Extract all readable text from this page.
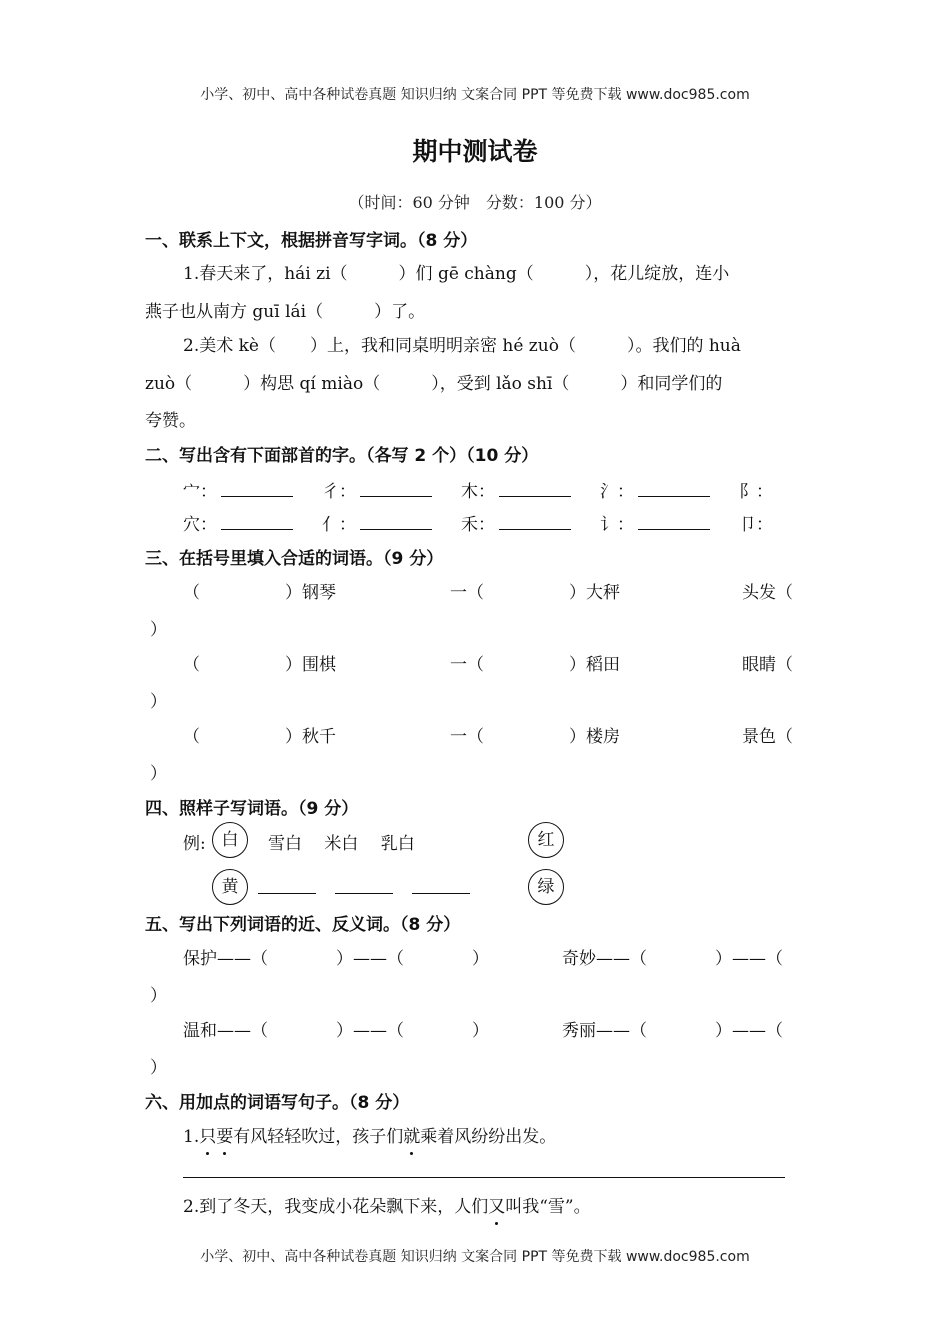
小学、初中、高中各种试卷真题 知识归纳 文案合同 PPT 等免费下载 www.doc985.com
期中测试卷
（时间：60 分钟　分数：100 分）
一、联系上下文，根据拼音写字词。（8 分）
1.春天来了，hái zi（　　　）们 gē chàng（　　　），花儿绽放，连小
燕子也从南方 guī lái（　　　）了。
2.美术 kè（　　）上，我和同桌明明亲密 hé zuò（　　　）。我们的 huà
zuò（　　　）构思 qí miào（　　　），受到 lǎo shī（　　　）和同学们的
夸赞。
二、写出含有下面部首的字。（各写 2 个）（10 分）
宀：	彳：	木：	氵：	阝：
穴：	亻：	禾：	讠：	卩：
三、在括号里填入合适的词语。（9 分）
（　　　　　）钢琴	一（　　　　　）大秤	头发（
）
（　　　　　）围棋	一（　　　　　）稻田	眼睛（
）
（　　　　　）秋千	一（　　　　　）楼房	景色（
）
四、照样子写词语。（9 分）
例: 白	雪白　 米白　 乳白	红
黄	绿
五、写出下列词语的近、反义词。（8 分）
保护——（　　　　）——（　　　　）	奇妙——（　　　　）——（
）
温和——（　　　　）——（　　　　）	秀丽——（　　　　）——（
）
六、用加点的词语写句子。（8 分）
1.只要有风轻轻吹过，孩子们就乘着风纷纷出发。
2.到了冬天，我变成小花朵飘下来，人们又叫我“雪”。
小学、初中、高中各种试卷真题 知识归纳 文案合同 PPT 等免费下载 www.doc985.com
